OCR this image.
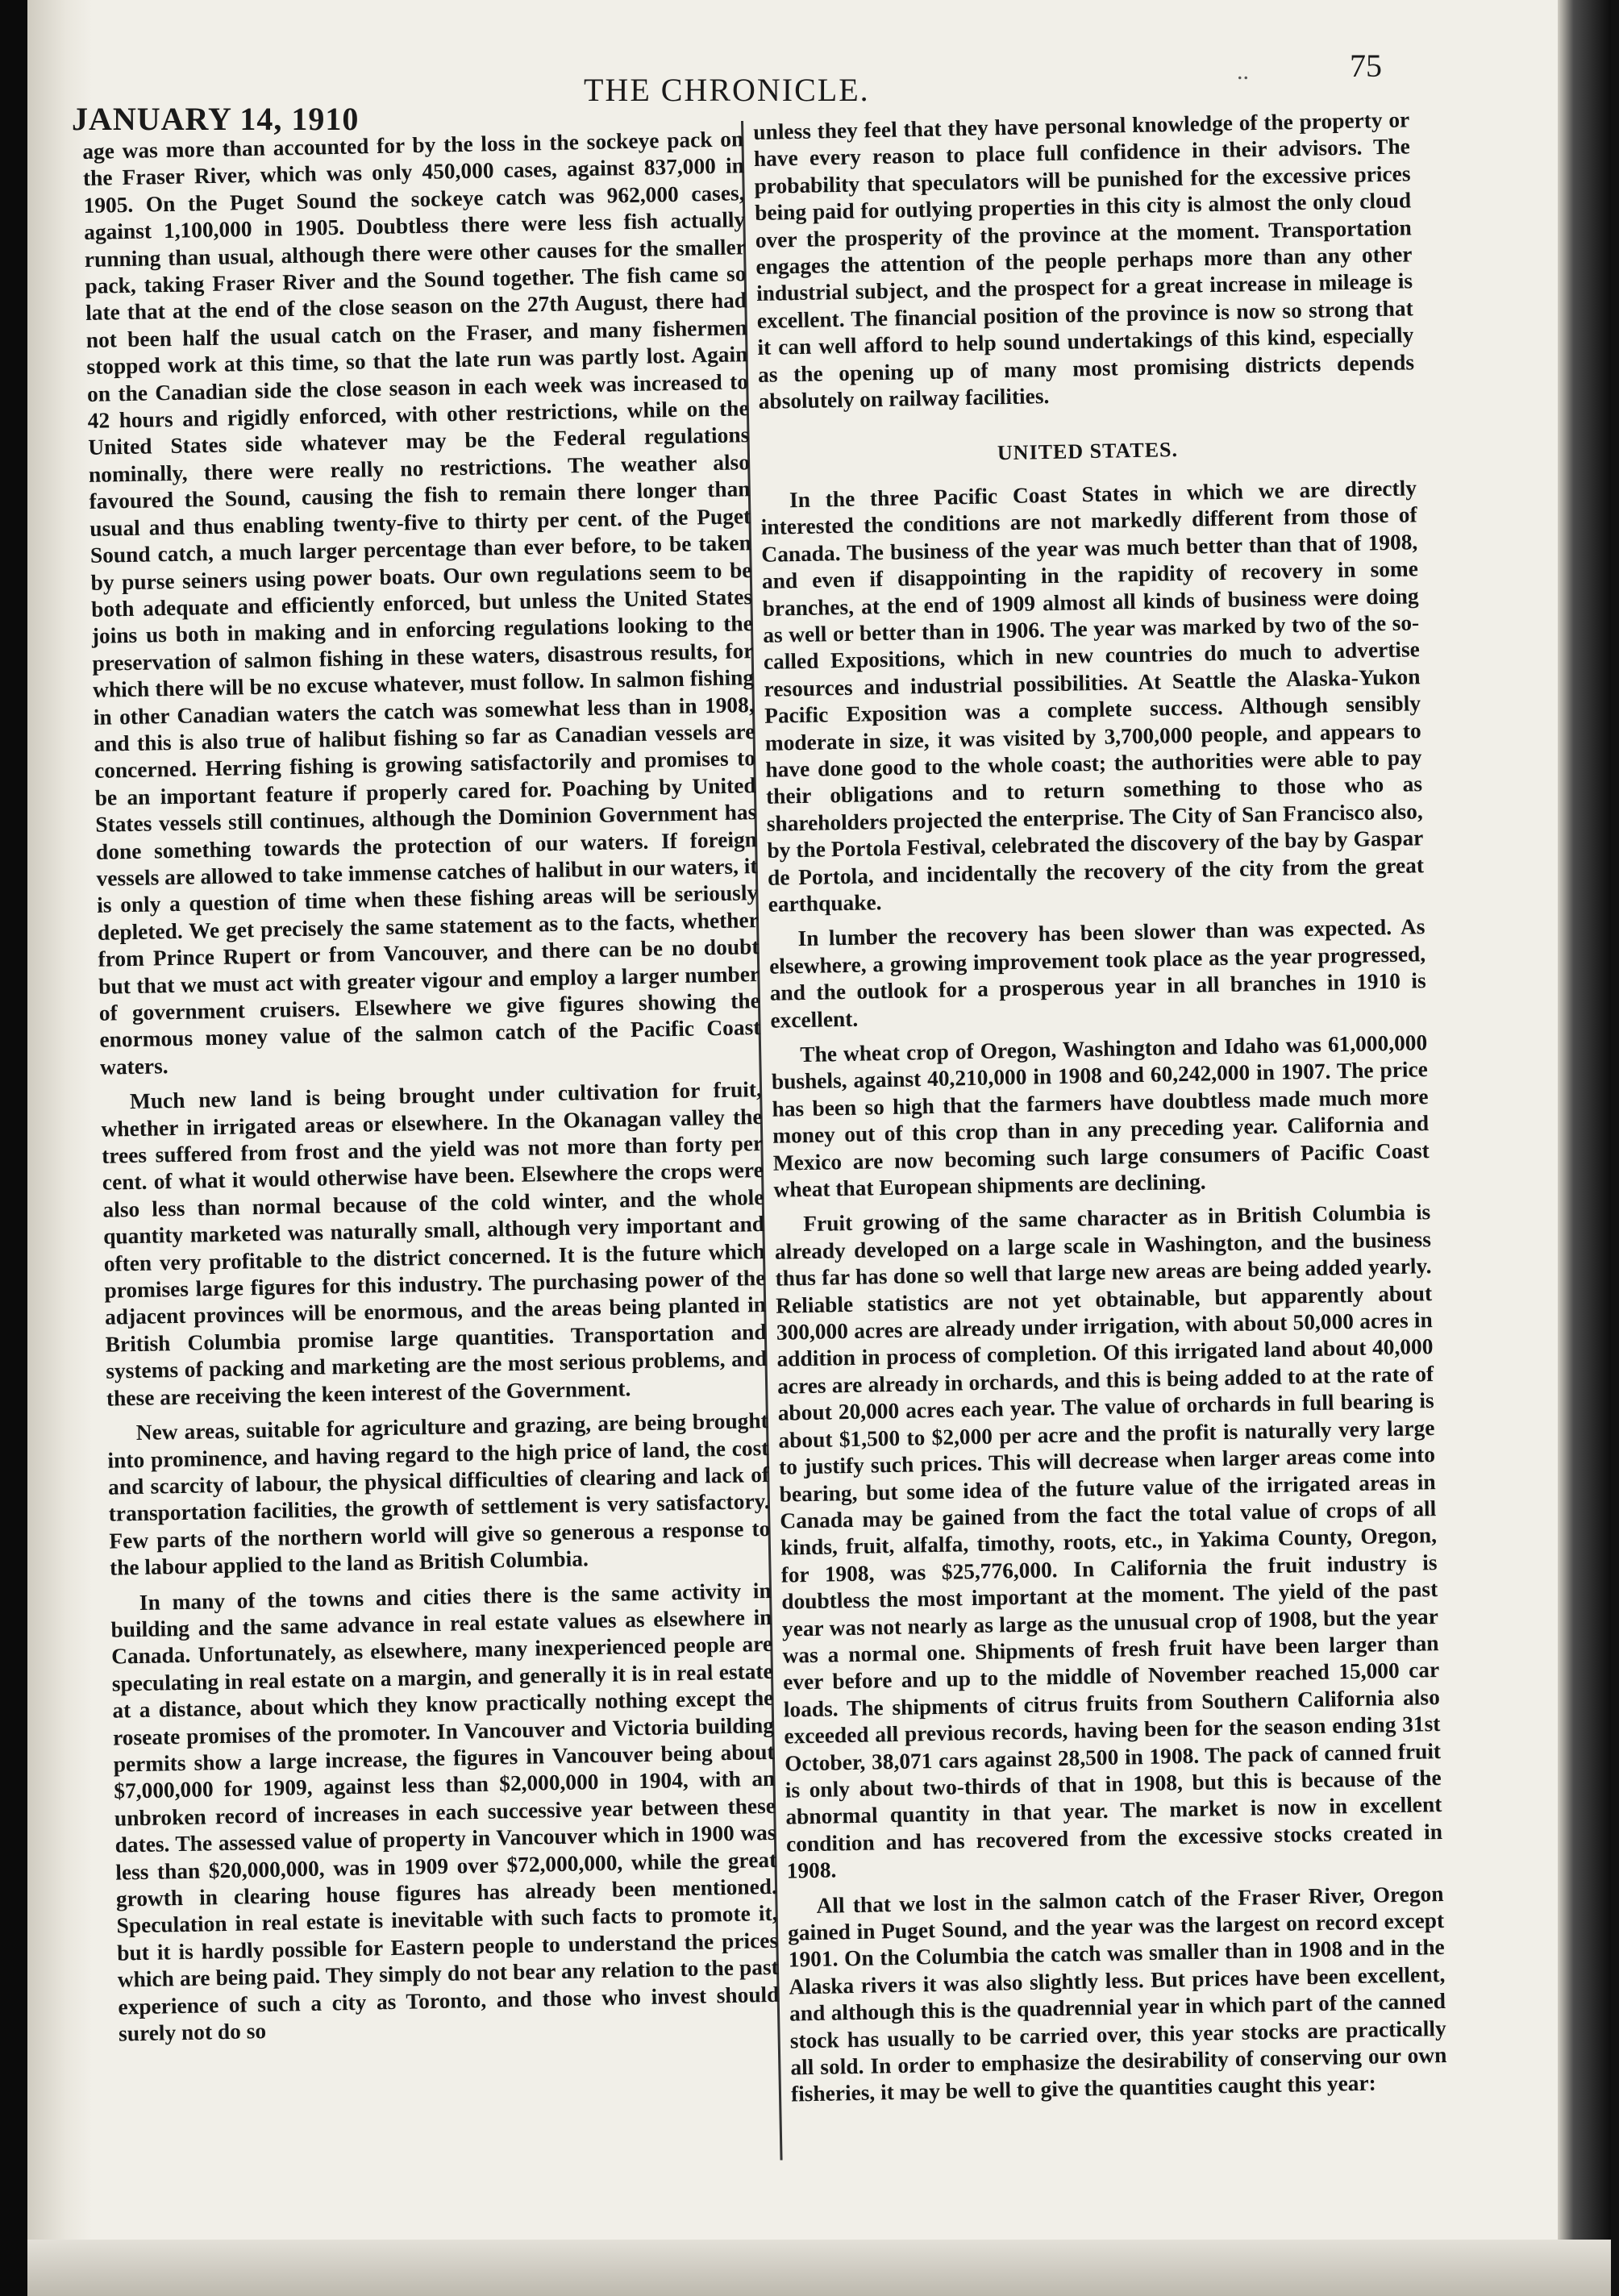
JANUARY 14, 1910
THE CHRONICLE.
..	75

age was more than accounted for by the loss in the sockeye pack on the Fraser River, which was only 450,000 cases, against 837,000 in 1905. On the Puget Sound the sockeye catch was 962,000 cases, against 1,100,000 in 1905. Doubtless there were less fish actually running than usual, although there were other causes for the smaller pack, taking Fraser River and the Sound together. The fish came so late that at the end of the close season on the 27th August, there had not been half the usual catch on the Fraser, and many fishermen stopped work at this time, so that the late run was partly lost. Again on the Canadian side the close season in each week was increased to 42 hours and rigidly enforced, with other restrictions, while on the United States side whatever may be the Federal regulations nominally, there were really no restrictions. The weather also favoured the Sound, causing the fish to remain there longer than usual and thus enabling twenty-five to thirty per cent. of the Puget Sound catch, a much larger percentage than ever before, to be taken by purse seiners using power boats. Our own regulations seem to be both adequate and efficiently enforced, but unless the United States joins us both in making and in enforcing regulations looking to the preservation of salmon fishing in these waters, disastrous results, for which there will be no excuse whatever, must follow. In salmon fishing in other Canadian waters the catch was somewhat less than in 1908, and this is also true of halibut fishing so far as Canadian vessels are concerned. Herring fishing is growing satisfactorily and promises to be an important feature if properly cared for. Poaching by United States vessels still continues, although the Dominion Government has done something towards the protection of our waters. If foreign vessels are allowed to take immense catches of halibut in our waters, it is only a question of time when these fishing areas will be seriously depleted. We get precisely the same statement as to the facts, whether from Prince Rupert or from Vancouver, and there can be no doubt but that we must act with greater vigour and employ a larger number of government cruisers. Elsewhere we give figures showing the enormous money value of the salmon catch of the Pacific Coast waters.

Much new land is being brought under cultivation for fruit, whether in irrigated areas or elsewhere. In the Okanagan valley the trees suffered from frost and the yield was not more than forty per cent. of what it would otherwise have been. Elsewhere the crops were also less than normal because of the cold winter, and the whole quantity marketed was naturally small, although very important and often very profitable to the district concerned. It is the future which promises large figures for this industry. The purchasing power of the adjacent provinces will be enormous, and the areas being planted in British Columbia promise large quantities. Transportation and systems of packing and marketing are the most serious problems, and these are receiving the keen interest of the Government.

New areas, suitable for agriculture and grazing, are being brought into prominence, and having regard to the high price of land, the cost and scarcity of labour, the physical difficulties of clearing and lack of transportation facilities, the growth of settlement is very satisfactory. Few parts of the northern world will give so generous a response to the labour applied to the land as British Columbia.

In many of the towns and cities there is the same activity in building and the same advance in real estate values as elsewhere in Canada. Unfortunately, as elsewhere, many inexperienced people are speculating in real estate on a margin, and generally it is in real estate at a distance, about which they know practically nothing except the roseate promises of the promoter. In Vancouver and Victoria building permits show a large increase, the figures in Vancouver being about $7,000,000 for 1909, against less than $2,000,000 in 1904, with an unbroken record of increases in each successive year between these dates. The assessed value of property in Vancouver which in 1900 was less than $20,000,000, was in 1909 over $72,000,000, while the great growth in clearing house figures has already been mentioned. Speculation in real estate is inevitable with such facts to promote it, but it is hardly possible for Eastern people to understand the prices which are being paid. They simply do not bear any relation to the past experience of such a city as Toronto, and those who invest should surely not do so

unless they feel that they have personal knowledge of the property or have every reason to place full confidence in their advisors. The probability that speculators will be punished for the excessive prices being paid for outlying properties in this city is almost the only cloud over the prosperity of the province at the moment. Transportation engages the attention of the people perhaps more than any other industrial subject, and the prospect for a great increase in mileage is excellent. The financial position of the province is now so strong that it can well afford to help sound undertakings of this kind, especially as the opening up of many most promising districts depends absolutely on railway facilities.

UNITED STATES.

In the three Pacific Coast States in which we are directly interested the conditions are not markedly different from those of Canada. The business of the year was much better than that of 1908, and even if disappointing in the rapidity of recovery in some branches, at the end of 1909 almost all kinds of business were doing as well or better than in 1906. The year was marked by two of the so-called Expositions, which in new countries do much to advertise resources and industrial possibilities. At Seattle the Alaska-Yukon Pacific Exposition was a complete success. Although sensibly moderate in size, it was visited by 3,700,000 people, and appears to have done good to the whole coast; the authorities were able to pay their obligations and to return something to those who as shareholders projected the enterprise. The City of San Francisco also, by the Portola Festival, celebrated the discovery of the bay by Gaspar de Portola, and incidentally the recovery of the city from the great earthquake.

In lumber the recovery has been slower than was expected. As elsewhere, a growing improvement took place as the year progressed, and the outlook for a prosperous year in all branches in 1910 is excellent.

The wheat crop of Oregon, Washington and Idaho was 61,000,000 bushels, against 40,210,000 in 1908 and 60,242,000 in 1907. The price has been so high that the farmers have doubtless made much more money out of this crop than in any preceding year. California and Mexico are now becoming such large consumers of Pacific Coast wheat that European shipments are declining.

Fruit growing of the same character as in British Columbia is already developed on a large scale in Washington, and the business thus far has done so well that large new areas are being added yearly. Reliable statistics are not yet obtainable, but apparently about 300,000 acres are already under irrigation, with about 50,000 acres in addition in process of completion. Of this irrigated land about 40,000 acres are already in orchards, and this is being added to at the rate of about 20,000 acres each year. The value of orchards in full bearing is about $1,500 to $2,000 per acre and the profit is naturally very large to justify such prices. This will decrease when larger areas come into bearing, but some idea of the future value of the irrigated areas in Canada may be gained from the fact the total value of crops of all kinds, fruit, alfalfa, timothy, roots, etc., in Yakima County, Oregon, for 1908, was $25,776,000. In California the fruit industry is doubtless the most important at the moment. The yield of the past year was not nearly as large as the unusual crop of 1908, but the year was a normal one. Shipments of fresh fruit have been larger than ever before and up to the middle of November reached 15,000 car loads. The shipments of citrus fruits from Southern California also exceeded all previous records, having been for the season ending 31st October, 38,071 cars against 28,500 in 1908. The pack of canned fruit is only about two-thirds of that in 1908, but this is because of the abnormal quantity in that year. The market is now in excellent condition and has recovered from the excessive stocks created in 1908.

All that we lost in the salmon catch of the Fraser River, Oregon gained in Puget Sound, and the year was the largest on record except 1901. On the Columbia the catch was smaller than in 1908 and in the Alaska rivers it was also slightly less. But prices have been excellent, and although this is the quadrennial year in which part of the canned stock has usually to be carried over, this year stocks are practically all sold. In order to emphasize the desirability of conserving our own fisheries, it may be well to give the quantities caught this year:
